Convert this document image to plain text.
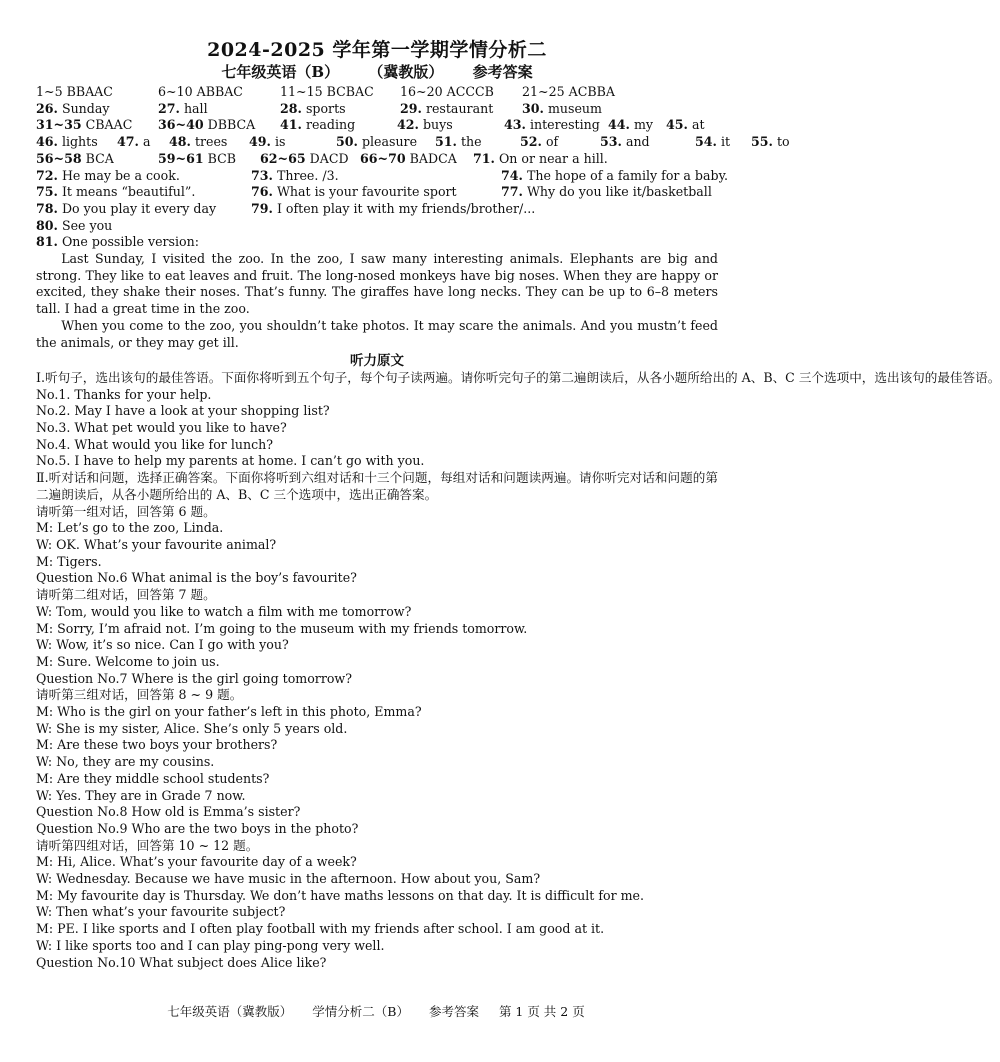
2024-2025 学年第一学期学情分析二
七年级英语（B） （冀教版） 参考答案
1~5 BBAAC	6~10 ABBAC	11~15 BCBAC	16~20 ACCCB	21~25 ACBBA
26. Sunday	27. hall	28. sports	29. restaurant	30. museum
31~35 CBAAC	36~40 DBBCA	41. reading	42. buys	43. interesting 44. my	45. at
46. lights	47. a	48. trees	49. is	50. pleasure	51. the	52. of	53. and	54. it	55. to
56~58 BCA	59~61 BCB	62~65 DACD 66~70 BADCA	71. On or near a hill.
72. He may be a cook.	73. Three. /3.	74. The hope of a family for a baby.
75. It means “beautiful”.	76. What is your favourite sport	77. Why do you like it/basketball
78. Do you play it every day	79. I often play it with my friends/brother/...
80. See you
81. One possible version:
Last Sunday, I visited the zoo. In the zoo, I saw many interesting animals. Elephants are big and strong. They like to eat leaves and fruit. The long-nosed monkeys have big noses. When they are happy or excited, they shake their noses. That’s funny. The giraffes have long necks. They can be up to 6–8 meters tall. I had a great time in the zoo.
When you come to the zoo, you shouldn’t take photos. It may scare the animals. And you mustn’t feed the animals, or they may get ill.
听力原文
Ⅰ.听句子，选出该句的最佳答语。下面你将听到五个句子，每个句子读两遍。请你听完句子的第二遍朗读后，从各小题所给出的 A、B、C 三个选项中，选出该句的最佳答语。
No.1. Thanks for your help.
No.2. May I have a look at your shopping list?
No.3. What pet would you like to have?
No.4. What would you like for lunch?
No.5. I have to help my parents at home. I can’t go with you.
Ⅱ.听对话和问题，选择正确答案。下面你将听到六组对话和十三个问题，每组对话和问题读两遍。请你听完对话和问题的第二遍朗读后，从各小题所给出的 A、B、C 三个选项中，选出正确答案。
请听第一组对话，回答第 6 题。
M: Let’s go to the zoo, Linda.
W: OK. What’s your favourite animal?
M: Tigers.
Question No.6 What animal is the boy’s favourite?
请听第二组对话，回答第 7 题。
W: Tom, would you like to watch a film with me tomorrow?
M: Sorry, I’m afraid not. I’m going to the museum with my friends tomorrow.
W: Wow, it’s so nice. Can I go with you?
M: Sure. Welcome to join us.
Question No.7 Where is the girl going tomorrow?
请听第三组对话，回答第 8 ~ 9 题。
M: Who is the girl on your father’s left in this photo, Emma?
W: She is my sister, Alice. She’s only 5 years old.
M: Are these two boys your brothers?
W: No, they are my cousins.
M: Are they middle school students?
W: Yes. They are in Grade 7 now.
Question No.8 How old is Emma’s sister?
Question No.9 Who are the two boys in the photo?
请听第四组对话，回答第 10 ~ 12 题。
M: Hi, Alice. What’s your favourite day of a week?
W: Wednesday. Because we have music in the afternoon. How about you, Sam?
M: My favourite day is Thursday. We don’t have maths lessons on that day. It is difficult for me.
W: Then what’s your favourite subject?
M: PE. I like sports and I often play football with my friends after school. I am good at it.
W: I like sports too and I can play ping-pong very well.
Question No.10 What subject does Alice like?
七年级英语（冀教版） 学情分析二（B） 参考答案 第 1 页 共 2 页
